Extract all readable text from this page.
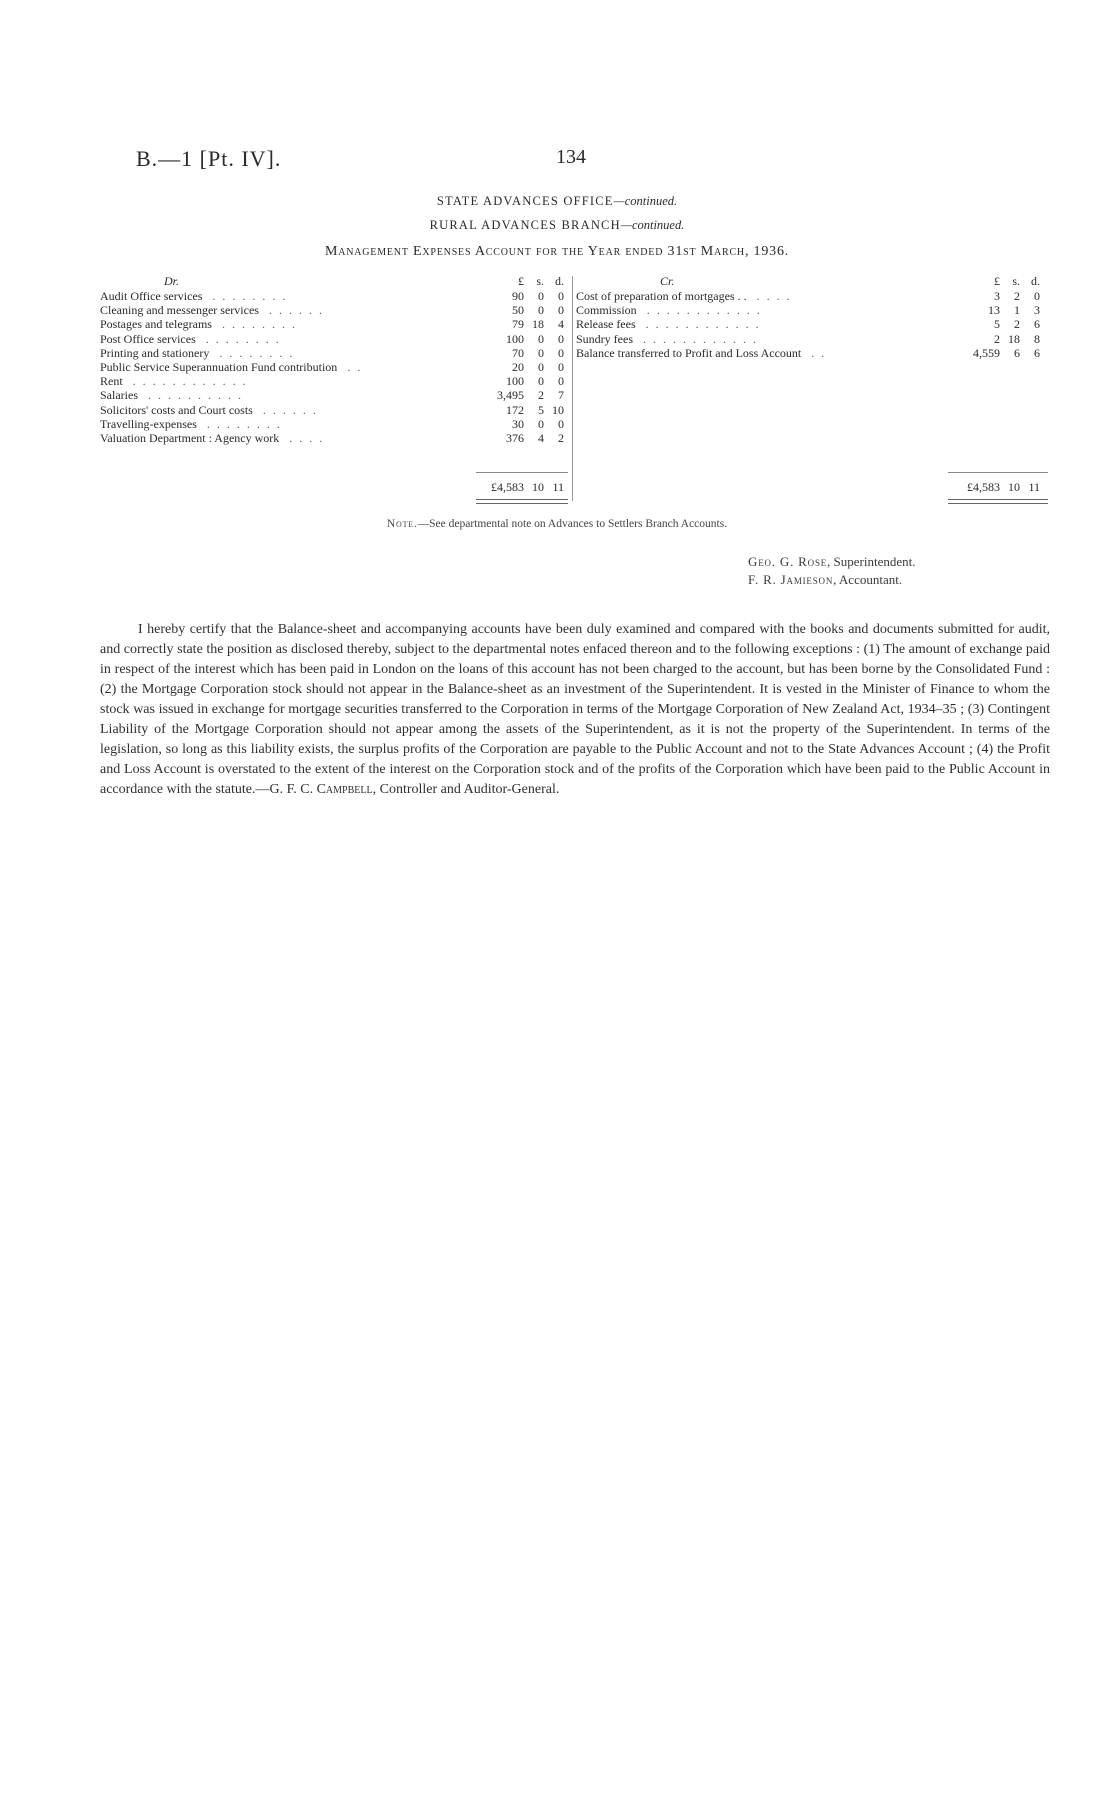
B.—1 [Pt. IV].	134
STATE ADVANCES OFFICE—continued.
RURAL ADVANCES BRANCH—continued.
Management Expenses Account for the Year ended 31st March, 1936.
Dr.	£ s. d.
Audit Office services . . . . . . . .	90 0 0
Cleaning and messenger services . . . . . .	50 0 0
Postages and telegrams . . . . . . . .	79 18 4
Post Office services . . . . . . . .	100 0 0
Printing and stationery . . . . . . . .	70 0 0
Public Service Superannuation Fund contribution . .	20 0 0
Rent . . . . . . . . . . . .	100 0 0
Salaries . . . . . . . . . .	3,495 2 7
Solicitors' costs and Court costs . . . . . .	172 5 10
Travelling-expenses . . . . . . . .	30 0 0
Valuation Department : Agency work . . . .	376 4 2
Cr.	£ s. d.
Cost of preparation of mortgages . . . . . .	3 2 0
Commission . . . . . . . . . . . .	13 1 3
Release fees . . . . . . . . . . . .	5 2 6
Sundry fees . . . . . . . . . . . .	2 18 8
Balance transferred to Profit and Loss Account . .	4,559 6 6
£4,583 10 11	£4,583 10 11
Note.—See departmental note on Advances to Settlers Branch Accounts.
Geo. G. Rose, Superintendent.
F. R. Jamieson, Accountant.
I hereby certify that the Balance-sheet and accompanying accounts have been duly examined and compared with the books and documents submitted for audit, and correctly state the position as disclosed thereby, subject to the departmental notes enfaced thereon and to the following exceptions : (1) The amount of exchange paid in respect of the interest which has been paid in London on the loans of this account has not been charged to the account, but has been borne by the Consolidated Fund : (2) the Mortgage Corporation stock should not appear in the Balance-sheet as an investment of the Superintendent. It is vested in the Minister of Finance to whom the stock was issued in exchange for mortgage securities transferred to the Corporation in terms of the Mortgage Corporation of New Zealand Act, 1934–35 ; (3) Contingent Liability of the Mortgage Corporation should not appear among the assets of the Superintendent, as it is not the property of the Superintendent. In terms of the legislation, so long as this liability exists, the surplus profits of the Corporation are payable to the Public Account and not to the State Advances Account ; (4) the Profit and Loss Account is overstated to the extent of the interest on the Corporation stock and of the profits of the Corporation which have been paid to the Public Account in accordance with the statute.—G. F. C. Campbell, Controller and Auditor-General.
